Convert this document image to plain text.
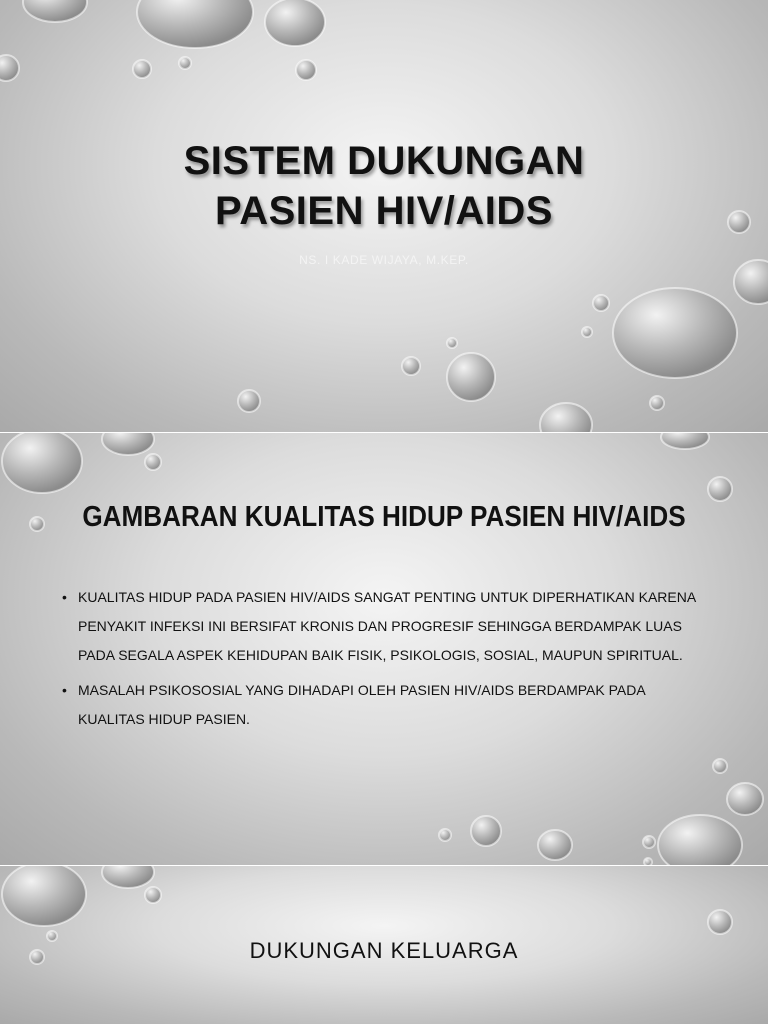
SISTEM DUKUNGAN
PASIEN HIV/AIDS
NS. I KADE WIJAYA, M.KEP.
GAMBARAN KUALITAS HIDUP PASIEN HIV/AIDS
• KUALITAS HIDUP PADA PASIEN HIV/AIDS SANGAT PENTING UNTUK DIPERHATIKAN KARENA PENYAKIT INFEKSI INI BERSIFAT KRONIS DAN PROGRESIF SEHINGGA BERDAMPAK LUAS PADA SEGALA ASPEK KEHIDUPAN BAIK FISIK, PSIKOLOGIS, SOSIAL, MAUPUN SPIRITUAL.
• MASALAH PSIKOSOSIAL YANG DIHADAPI OLEH PASIEN HIV/AIDS BERDAMPAK PADA KUALITAS HIDUP PASIEN.
DUKUNGAN KELUARGA
